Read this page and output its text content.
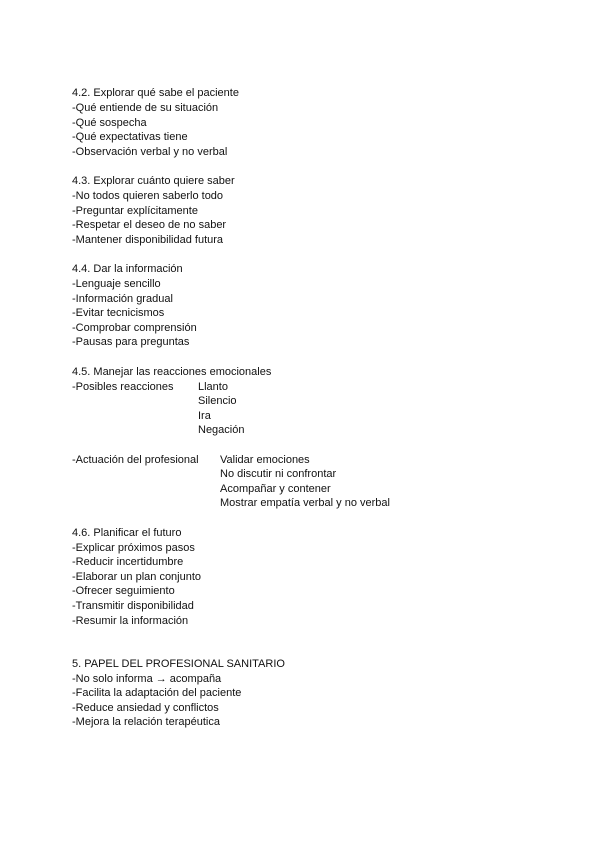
4.2. Explorar qué sabe el paciente
-Qué entiende de su situación
-Qué sospecha
-Qué expectativas tiene
-Observación verbal y no verbal
4.3. Explorar cuánto quiere saber
-No todos quieren saberlo todo
-Preguntar explícitamente
-Respetar el deseo de no saber
-Mantener disponibilidad futura
4.4. Dar la información
-Lenguaje sencillo
-Información gradual
-Evitar tecnicismos
-Comprobar comprensión
-Pausas para preguntas
4.5. Manejar las reacciones emocionales
-Posibles reacciones Llanto
Silencio
Ira
Negación
-Actuación del profesional Validar emociones
No discutir ni confrontar
Acompañar y contener
Mostrar empatía verbal y no verbal
4.6. Planificar el futuro
-Explicar próximos pasos
-Reducir incertidumbre
-Elaborar un plan conjunto
-Ofrecer seguimiento
-Transmitir disponibilidad
-Resumir la información
5. PAPEL DEL PROFESIONAL SANITARIO
-No solo informa → acompaña
-Facilita la adaptación del paciente
-Reduce ansiedad y conflictos
-Mejora la relación terapéutica
